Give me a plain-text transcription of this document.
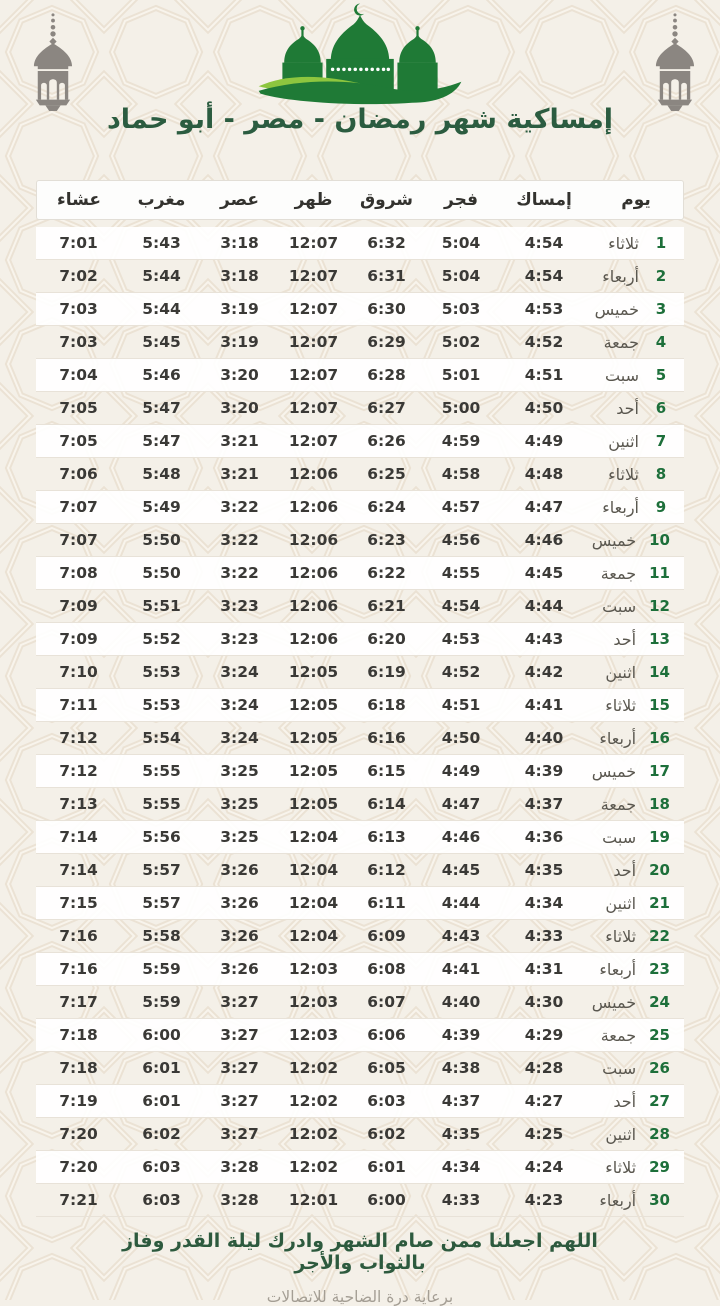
إمساكية شهر رمضان - مصر - أبو حماد
يوم	إمساك	فجر	شروق	ظهر	عصر	مغرب	عشاء

1
ثلاثاء	4:54	5:04	6:32	12:07	3:18	5:43	7:01

2
أربعاء	4:54	5:04	6:31	12:07	3:18	5:44	7:02

3
خميس	4:53	5:03	6:30	12:07	3:19	5:44	7:03

4
جمعة	4:52	5:02	6:29	12:07	3:19	5:45	7:03

5
سبت	4:51	5:01	6:28	12:07	3:20	5:46	7:04

6
أحد	4:50	5:00	6:27	12:07	3:20	5:47	7:05

7
اثنين	4:49	4:59	6:26	12:07	3:21	5:47	7:05

8
ثلاثاء	4:48	4:58	6:25	12:06	3:21	5:48	7:06

9
أربعاء	4:47	4:57	6:24	12:06	3:22	5:49	7:07

10
خميس	4:46	4:56	6:23	12:06	3:22	5:50	7:07

11
جمعة	4:45	4:55	6:22	12:06	3:22	5:50	7:08

12
سبت	4:44	4:54	6:21	12:06	3:23	5:51	7:09

13
أحد	4:43	4:53	6:20	12:06	3:23	5:52	7:09

14
اثنين	4:42	4:52	6:19	12:05	3:24	5:53	7:10

15
ثلاثاء	4:41	4:51	6:18	12:05	3:24	5:53	7:11

16
أربعاء	4:40	4:50	6:16	12:05	3:24	5:54	7:12

17
خميس	4:39	4:49	6:15	12:05	3:25	5:55	7:12

18
جمعة	4:37	4:47	6:14	12:05	3:25	5:55	7:13

19
سبت	4:36	4:46	6:13	12:04	3:25	5:56	7:14

20
أحد	4:35	4:45	6:12	12:04	3:26	5:57	7:14

21
اثنين	4:34	4:44	6:11	12:04	3:26	5:57	7:15

22
ثلاثاء	4:33	4:43	6:09	12:04	3:26	5:58	7:16

23
أربعاء	4:31	4:41	6:08	12:03	3:26	5:59	7:16

24
خميس	4:30	4:40	6:07	12:03	3:27	5:59	7:17

25
جمعة	4:29	4:39	6:06	12:03	3:27	6:00	7:18

26
سبت	4:28	4:38	6:05	12:02	3:27	6:01	7:18

27
أحد	4:27	4:37	6:03	12:02	3:27	6:01	7:19

28
اثنين	4:25	4:35	6:02	12:02	3:27	6:02	7:20

29
ثلاثاء	4:24	4:34	6:01	12:02	3:28	6:03	7:20

30
أربعاء	4:23	4:33	6:00	12:01	3:28	6:03	7:21
اللهم اجعلنا ممن صام الشهر وادرك ليلة القدر وفاز
بالثواب والأجر
برعاية درة الضاحية للاتصالات
